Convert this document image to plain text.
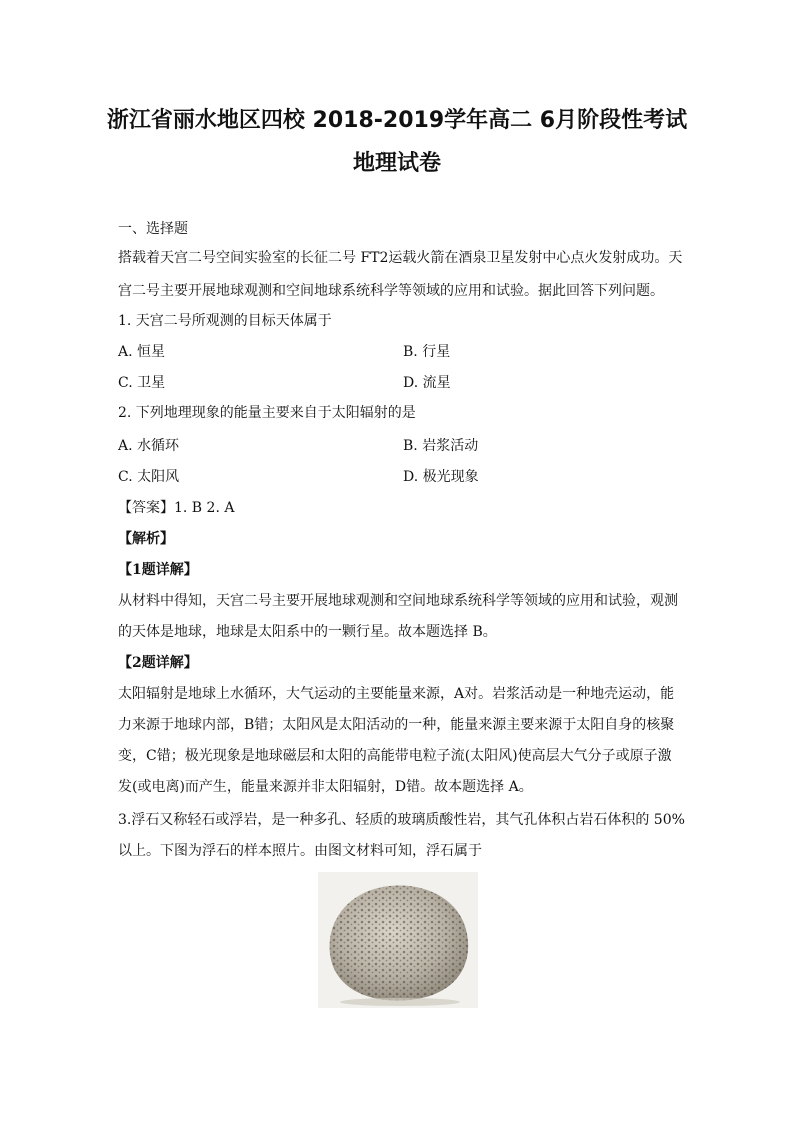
浙江省丽水地区四校 2018-2019学年高二 6月阶段性考试
地理试卷
一、选择题
搭载着天宫二号空间实验室的长征二号 FT2运载火箭在酒泉卫星发射中心点火发射成功。天
宫二号主要开展地球观测和空间地球系统科学等领域的应用和试验。据此回答下列问题。
1. 天宫二号所观测的目标天体属于
A. 恒星	B. 行星
C. 卫星	D. 流星
2. 下列地理现象的能量主要来自于太阳辐射的是
A. 水循环	B. 岩浆活动
C. 太阳风	D. 极光现象
【答案】1. B 2. A
【解析】
【1题详解】
从材料中得知，天宫二号主要开展地球观测和空间地球系统科学等领域的应用和试验，观测
的天体是地球，地球是太阳系中的一颗行星。故本题选择 B。
【2题详解】
太阳辐射是地球上水循环，大气运动的主要能量来源，A对。岩浆活动是一种地壳运动，能
力来源于地球内部，B错；太阳风是太阳活动的一种，能量来源主要来源于太阳自身的核聚
变，C错；极光现象是地球磁层和太阳的高能带电粒子流(太阳风)使高层大气分子或原子激
发(或电离)而产生，能量来源并非太阳辐射，D错。故本题选择 A。
3.浮石又称轻石或浮岩，是一种多孔、轻质的玻璃质酸性岩，其气孔体积占岩石体积的 50%
以上。下图为浮石的样本照片。由图文材料可知，浮石属于
